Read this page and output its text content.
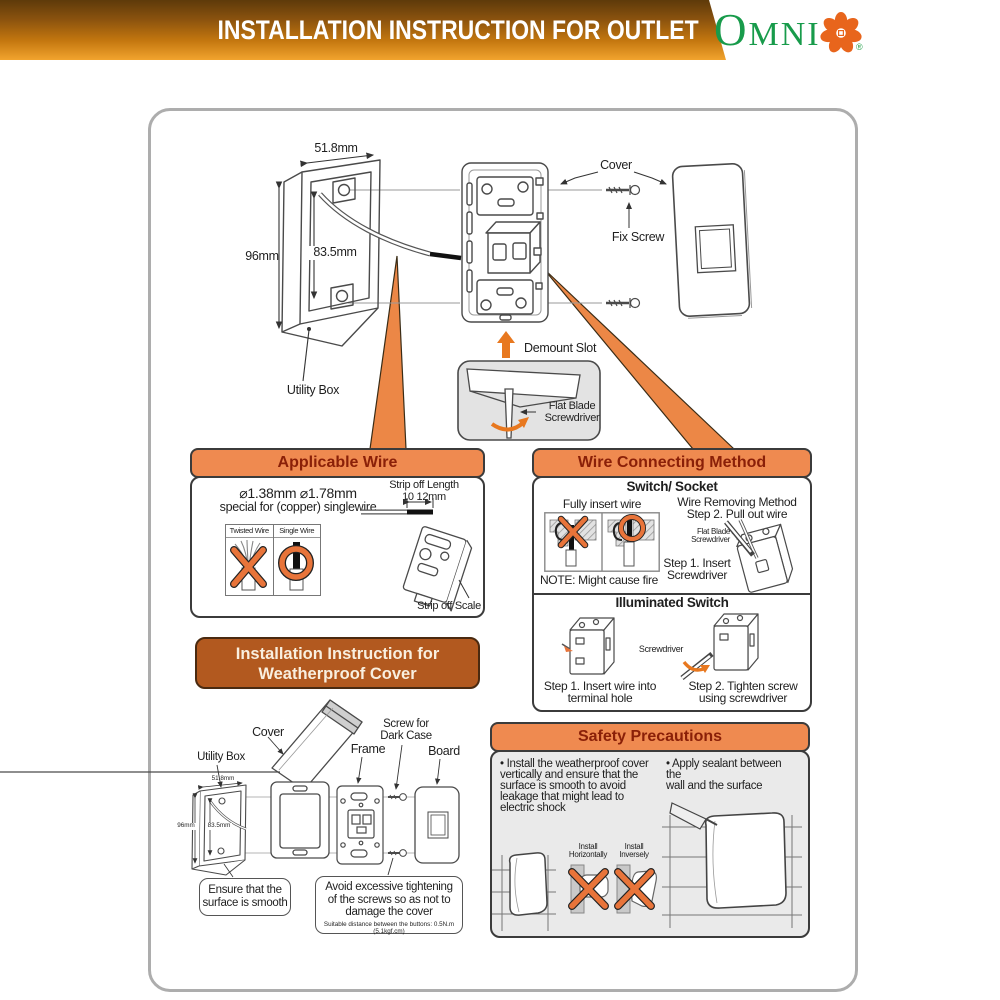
INSTALLATION INSTRUCTION FOR OUTLET OMNI	®
51.8mm
96mm	83.5mm
Utility Box
Cover
Fix Screw
Demount Slot
Flat Blade
Screwdriver
Applicable Wire
⌀1.38mm ⌀1.78mm
special for (copper) singlewire
Twisted Wire	Single Wire
Strip off Length
10 12mm
Strip off Scale
Wire Connecting Method
Switch/ Socket
Fully insert wire
NOTE: Might cause fire
Wire Removing Method
Step 2. Pull out wire
Flat Blade
Screwdriver
Step 1. Insert
Screwdriver
Illuminated Switch
Screwdriver
Step 1. Insert wire into
terminal hole
Step 2. Tighten screw
using screwdriver
Installation Instruction for
Weatherproof Cover
Cover
Screw for
Dark Case
Frame	Board
Utility Box
51.8mm
96mm 83.5mm
Ensure that the
surface is smooth
Avoid excessive tightening
of the screws so as not to
damage the cover
Suitable distance between the buttons: 0.5N.m (5.1kgf.cm)
Safety Precautions
• Install the weatherproof cover
vertically and ensure that the
surface is smooth to avoid
leakage that might lead to
electric shock
• Apply sealant between the
wall and the surface
Install
Horizontally
Install
Inversely
